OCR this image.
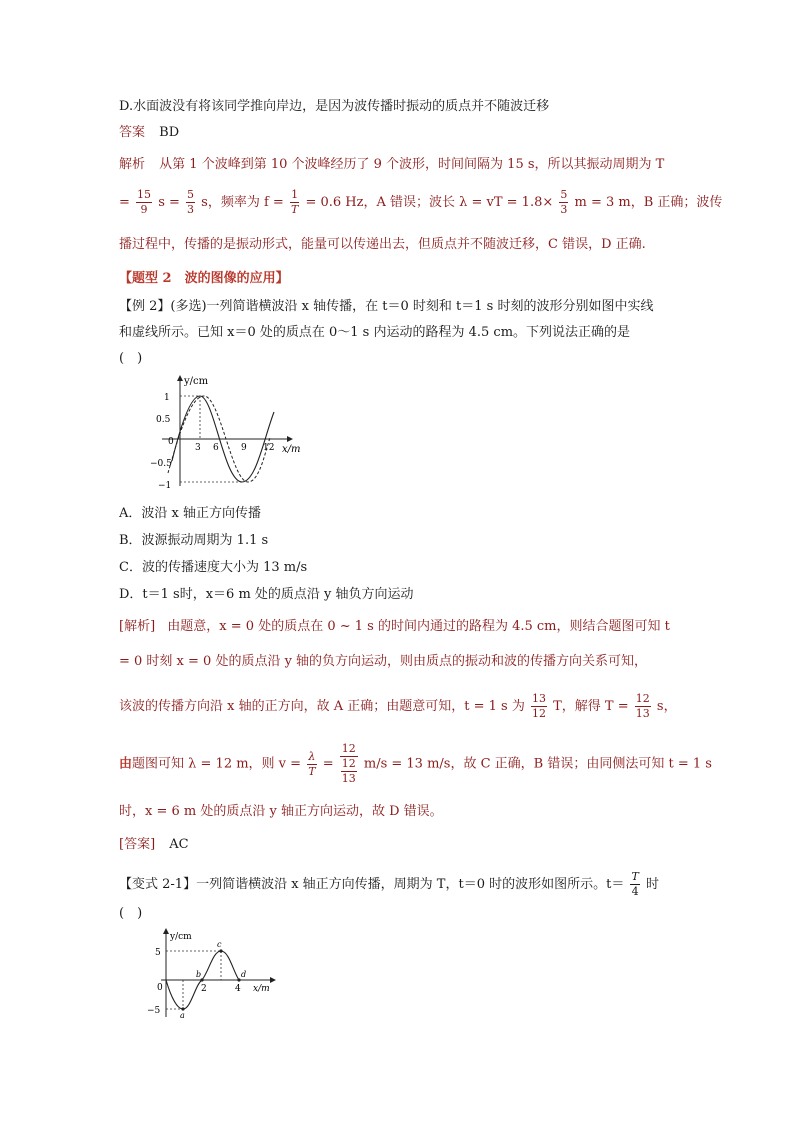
D.水面波没有将该同学推向岸边，是因为波传播时振动的质点并不随波迁移
答案 BD
解析 从第 1 个波峰到第 10 个波峰经历了 9 个波形，时间间隔为 15 s，所以其振动周期为 T
= $\frac{15}{9}$ $s = \frac{5}{3}$ s，频率为 $f = \frac{1}{T} = 0.6$ Hz，A 错误；波长 λ = vT = $1.8\times \frac{5}{3}$ m = 3 m，B 正确；波传
播过程中，传播的是振动形式，能量可以传递出去，但质点并不随波迁移，C 错误，D 正确.
【题型 2　波的图像的应用】
【例 2】(多选)一列简谐横波沿 x 轴传播，在 t＝0 时刻和 t＝1 s 时刻的波形分别如图中实线
和虚线所示。已知 x＝0 处的质点在 0～1 s 内运动的路程为 4.5 cm。下列说法正确的是
(　)
y/cm
x/m
1
0.5
0
−0.5
−1
3 6 9 12
A．波沿 x 轴正方向传播
B．波源振动周期为 1.1 s
C．波的传播速度大小为 13 m/s
D．t＝1 s时，x＝6 m 处的质点沿 y 轴负方向运动
[解析] 由题意，x = 0 处的质点在 0 ~ 1 s 的时间内通过的路程为 4.5 cm，则结合题图可知 t
= 0 时刻 x = 0 处的质点沿 y 轴的负方向运动，则由质点的振动和波的传播方向关系可知，
该波的传播方向沿 x 轴的正方向，故 A 正确；由题意可知，t = 1 s 为 $\frac{13}{12}$ T，解得 $T = \frac{12}{13}$ s，
由题图可知 λ = 12 m，则 $v = \frac{\lambda}{T} = \frac{12}{\frac{12}{13}} m/s = 13$ m/s，故 C 正确，B 错误；由同侧法可知 t = 1 s
时，x = 6 m 处的质点沿 y 轴正方向运动，故 D 错误。
[答案] AC
【变式 2-1】一列简谐横波沿 x 轴正方向传播，周期为 T，t＝0 时的波形如图所示。$t= \frac{T}{4}$ 时
(　)
y/cm
x/m
5
0
−5
2	4
a
b
c
d
